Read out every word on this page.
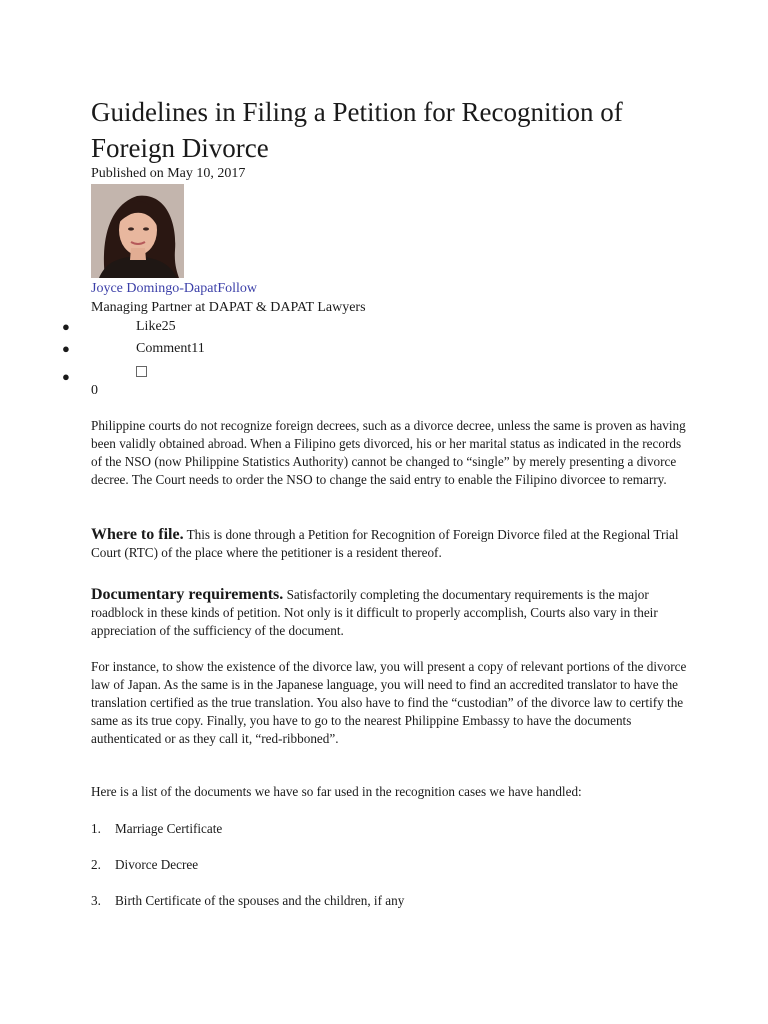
Guidelines in Filing a Petition for Recognition of Foreign Divorce
Published on May 10, 2017
Joyce Domingo-DapatFollow
Managing Partner at DAPAT & DAPAT Lawyers
●	Like25
●	Comment11
●
0

Philippine courts do not recognize foreign decrees, such as a divorce decree, unless the same is proven as having been validly obtained abroad. When a Filipino gets divorced, his or her marital status as indicated in the records of the NSO (now Philippine Statistics Authority) cannot be changed to “single” by merely presenting a divorce decree. The Court needs to order the NSO to change the said entry to enable the Filipino divorcee to remarry.

Where to file. This is done through a Petition for Recognition of Foreign Divorce filed at the Regional Trial Court (RTC) of the place where the petitioner is a resident thereof.

Documentary requirements. Satisfactorily completing the documentary requirements is the major roadblock in these kinds of petition. Not only is it difficult to properly accomplish, Courts also vary in their appreciation of the sufficiency of the document.

For instance, to show the existence of the divorce law, you will present a copy of relevant portions of the divorce law of Japan. As the same is in the Japanese language, you will need to find an accredited translator to have the translation certified as the true translation. You also have to find the “custodian” of the divorce law to certify the same as its true copy. Finally, you have to go to the nearest Philippine Embassy to have the documents authenticated or as they call it, “red-ribboned”.

Here is a list of the documents we have so far used in the recognition cases we have handled:

1. Marriage Certificate
2. Divorce Decree
3. Birth Certificate of the spouses and the children, if any
